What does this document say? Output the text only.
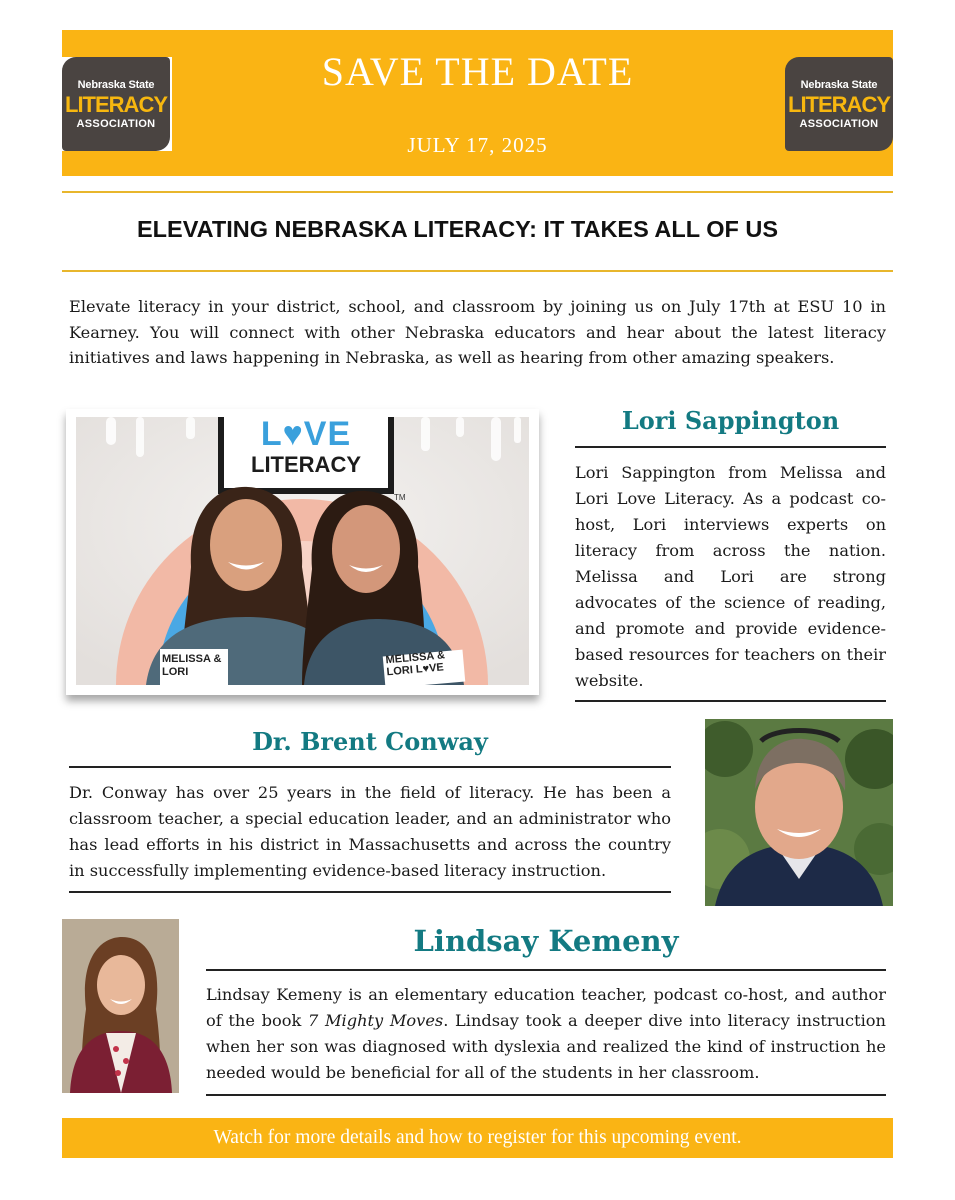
Nebraska State
LITERACY
ASSOCIATION
SAVE THE DATE
JULY 17, 2025
Nebraska State
LITERACY
ASSOCIATION
ELEVATING NEBRASKA LITERACY: IT TAKES ALL OF US
Elevate literacy in your district, school, and classroom by joining us on July 17th at ESU 10 in Kearney. You will connect with other Nebraska educators and hear about the latest literacy initiatives and laws happening in Nebraska, as well as hearing from other amazing speakers.
L♥VE
LITERACY
TM
MELISSA & LORI
MELISSA & LORI L♥VE
Lori Sappington
Lori Sappington from Melissa and Lori Love Literacy. As a podcast co-host, Lori interviews experts on literacy from across the nation. Melissa and Lori are strong advocates of the science of reading, and promote and provide evidence-based resources for teachers on their website.
Dr. Brent Conway
Dr. Conway has over 25 years in the field of literacy. He has been a classroom teacher, a special education leader, and an administrator who has lead efforts in his district in Massachusetts and across the country in successfully implementing evidence-based literacy instruction.
Lindsay Kemeny
Lindsay Kemeny is an elementary education teacher, podcast co-host, and author of the book 7 Mighty Moves. Lindsay took a deeper dive into literacy instruction when her son was diagnosed with dyslexia and realized the kind of instruction he needed would be beneficial for all of the students in her classroom.
Watch for more details and how to register for this upcoming event.
